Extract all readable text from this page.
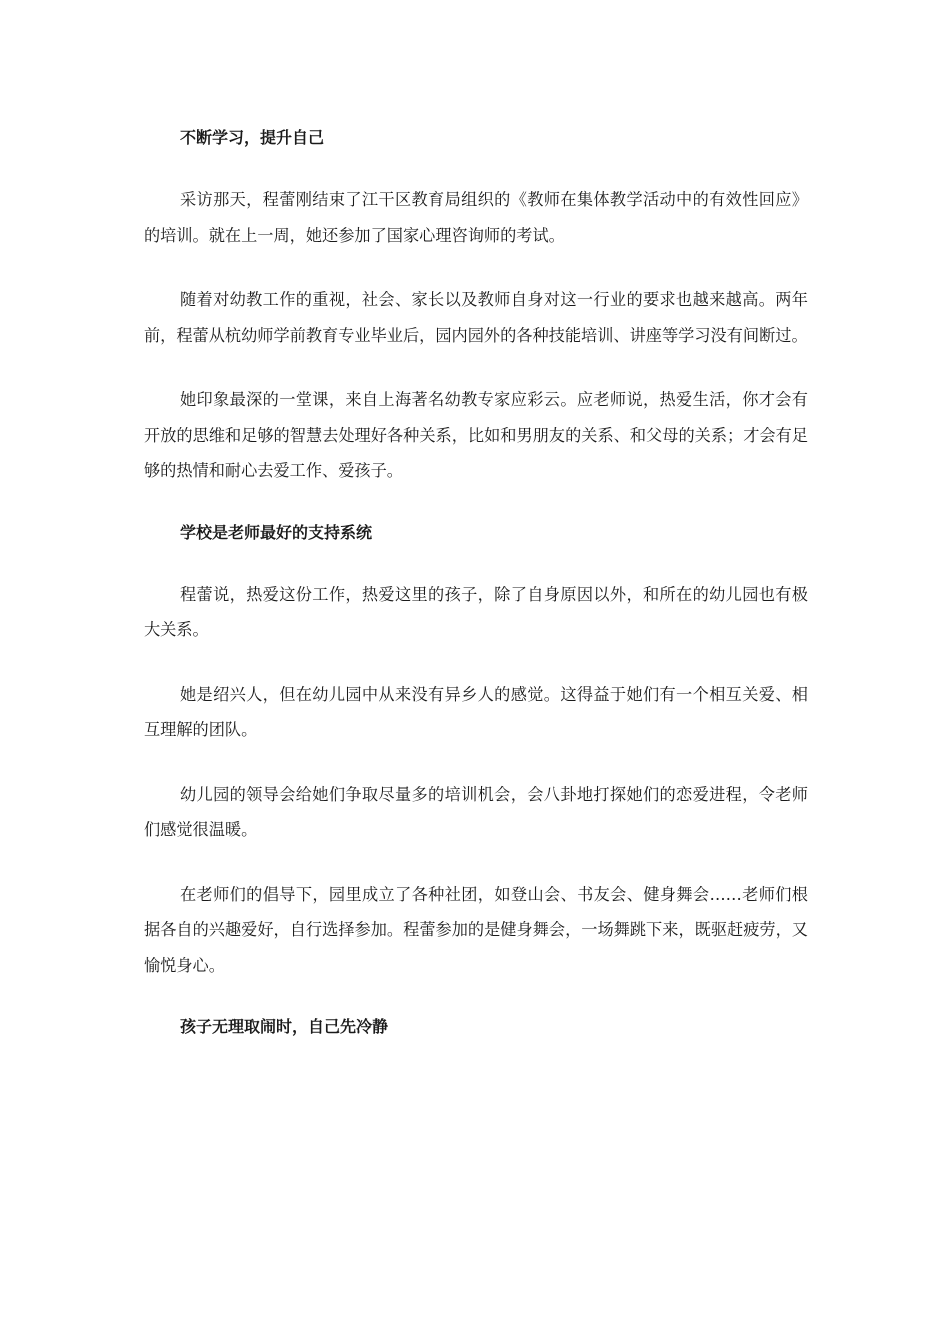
不断学习，提升自己

采访那天，程蕾刚结束了江干区教育局组织的《教师在集体教学活动中的有效性回应》的培训。就在上一周，她还参加了国家心理咨询师的考试。

随着对幼教工作的重视，社会、家长以及教师自身对这一行业的要求也越来越高。两年前，程蕾从杭幼师学前教育专业毕业后，园内园外的各种技能培训、讲座等学习没有间断过。

她印象最深的一堂课，来自上海著名幼教专家应彩云。应老师说，热爱生活，你才会有开放的思维和足够的智慧去处理好各种关系，比如和男朋友的关系、和父母的关系；才会有足够的热情和耐心去爱工作、爱孩子。

学校是老师最好的支持系统

程蕾说，热爱这份工作，热爱这里的孩子，除了自身原因以外，和所在的幼儿园也有极大关系。

她是绍兴人，但在幼儿园中从来没有异乡人的感觉。这得益于她们有一个相互关爱、相互理解的团队。

幼儿园的领导会给她们争取尽量多的培训机会，会八卦地打探她们的恋爱进程，令老师们感觉很温暖。

在老师们的倡导下，园里成立了各种社团，如登山会、书友会、健身舞会……老师们根据各自的兴趣爱好，自行选择参加。程蕾参加的是健身舞会，一场舞跳下来，既驱赶疲劳，又愉悦身心。

孩子无理取闹时，自己先冷静
